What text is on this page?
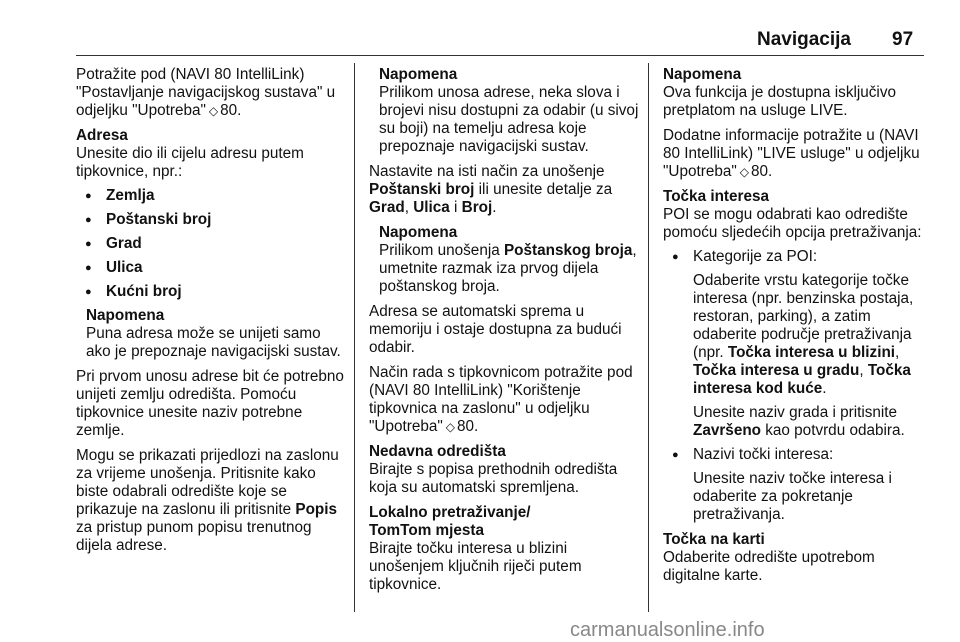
Navigacija 97

Potražite pod (NAVI 80 IntelliLink) "Postavljanje navigacijskog sustava" u odjeljku "Upotreba" ◇ 80.

Adresa

Unesite dio ili cijelu adresu putem tipkovnice, npr.:

● Zemlja
● Poštanski broj
● Grad
● Ulica
● Kućni broj

Napomena

Puna adresa može se unijeti samo ako je prepoznaje navigacijski sustav.

Pri prvom unosu adrese bit će potrebno unijeti zemlju odredišta. Pomoću tipkovnice unesite naziv potrebne zemlje.

Mogu se prikazati prijedlozi na zaslonu za vrijeme unošenja. Pritisnite kako biste odabrali odredište koje se prikazuje na zaslonu ili pritisnite Popis za pristup punom popisu trenutnog dijela adrese.

Napomena

Prilikom unosa adrese, neka slova i brojevi nisu dostupni za odabir (u sivoj su boji) na temelju adresa koje prepoznaje navigacijski sustav.

Nastavite na isti način za unošenje Poštanski broj ili unesite detalje za Grad, Ulica i Broj.

Napomena

Prilikom unošenja Poštanskog broja, umetnite razmak iza prvog dijela poštanskog broja.

Adresa se automatski sprema u memoriju i ostaje dostupna za budući odabir.

Način rada s tipkovnicom potražite pod (NAVI 80 IntelliLink) "Korištenje tipkovnica na zaslonu" u odjeljku "Upotreba" ◇ 80.

Nedavna odredišta

Birajte s popisa prethodnih odredišta koja su automatski spremljena.

Lokalno pretraživanje/
TomTom mjesta

Birajte točku interesa u blizini unošenjem ključnih riječi putem tipkovnice.

Napomena

Ova funkcija je dostupna isključivo pretplatom na usluge LIVE.

Dodatne informacije potražite u (NAVI 80 IntelliLink) "LIVE usluge" u odjeljku "Upotreba" ◇ 80.

Točka interesa

POI se mogu odabrati kao odredište pomoću sljedećih opcija pretraživanja:

● Kategorije za POI:

Odaberite vrstu kategorije točke interesa (npr. benzinska postaja, restoran, parking), a zatim odaberite područje pretraživanja (npr. Točka interesa u blizini, Točka interesa u gradu, Točka interesa kod kuće.

Unesite naziv grada i pritisnite Završeno kao potvrdu odabira.

● Nazivi točki interesa:

Unesite naziv točke interesa i odaberite za pokretanje pretraživanja.

Točka na karti

Odaberite odredište upotrebom digitalne karte.

carmanualsonline.info
